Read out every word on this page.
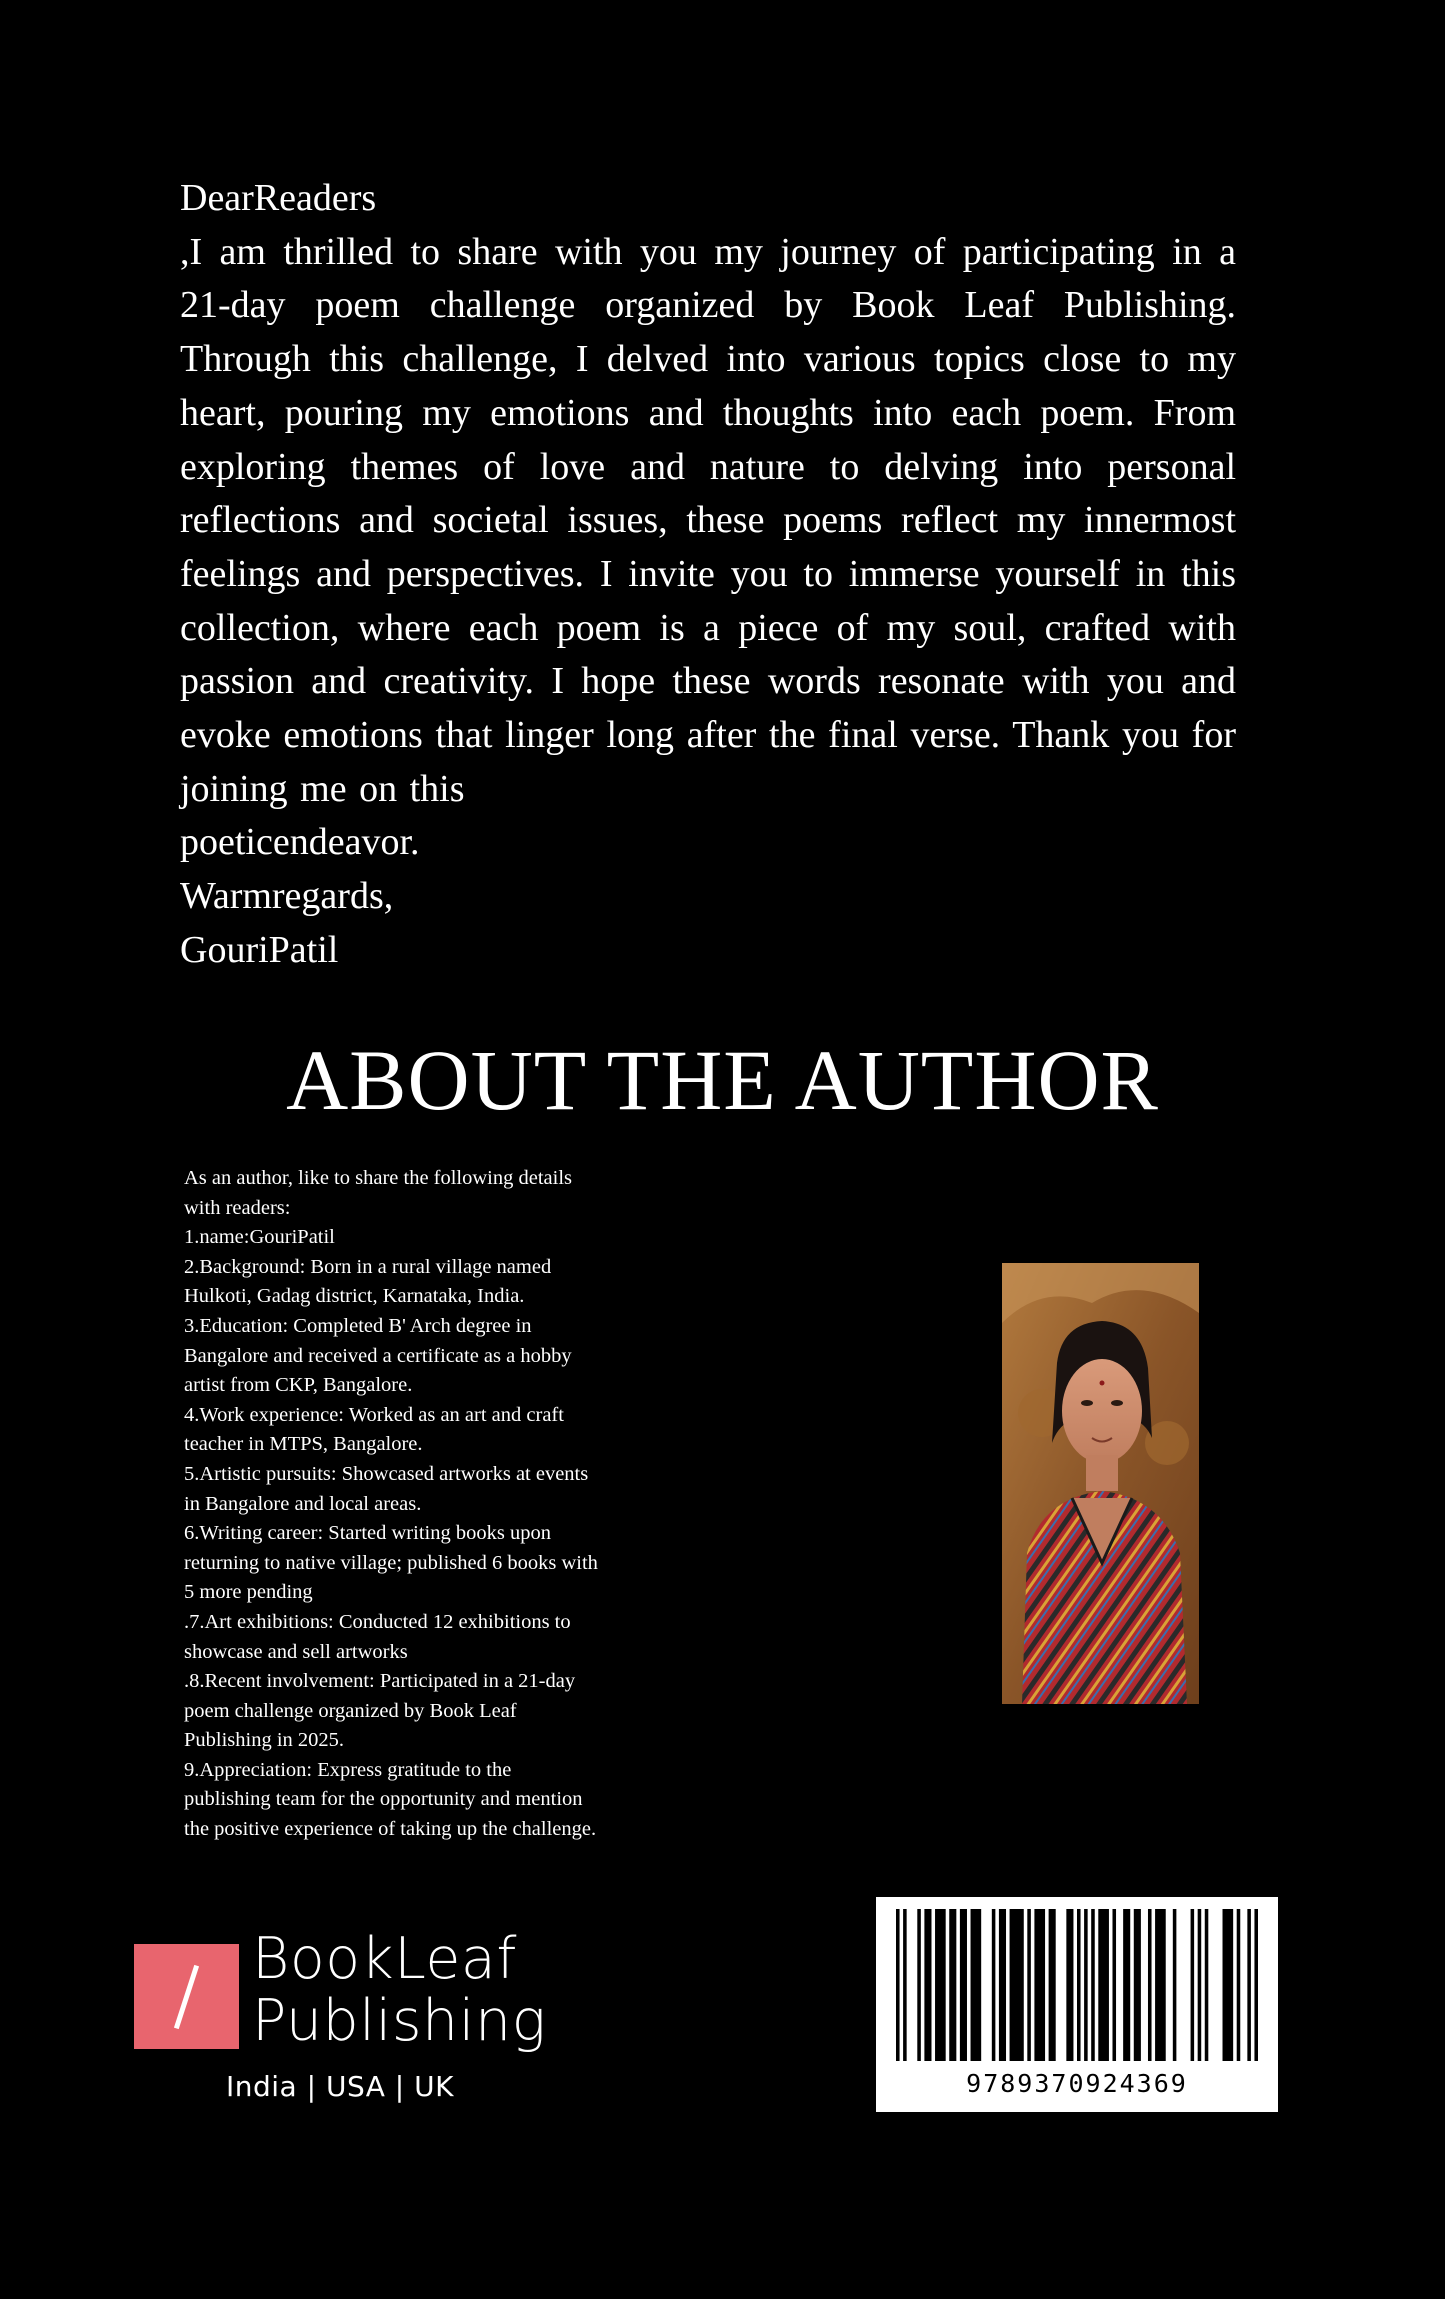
DearReaders

,I am thrilled to share with you my journey of participating in a 21-day poem challenge organized by Book Leaf Publishing. Through this challenge, I delved into various topics close to my heart, pouring my emotions and thoughts into each poem. From exploring themes of love and nature to delving into personal reflections and societal issues, these poems reflect my innermost feelings and perspectives. I invite you to immerse yourself in this collection, where each poem is a piece of my soul, crafted with passion and creativity. I hope these words resonate with you and evoke emotions that linger long after the final verse. Thank you for joining me on this

poeticendeavor.

Warmregards,

GouriPatil

ABOUT THE AUTHOR

As an author, like to share the following details

with readers:

1.name:GouriPatil

2.Background: Born in a rural village named

Hulkoti, Gadag district, Karnataka, India.

3.Education: Completed B' Arch degree in

Bangalore and received a certificate as a hobby

artist from CKP, Bangalore.

4.Work experience: Worked as an art and craft

teacher in MTPS, Bangalore.

5.Artistic pursuits: Showcased artworks at events

in Bangalore and local areas.

6.Writing career: Started writing books upon

returning to native village; published 6 books with

5 more pending

.7.Art exhibitions: Conducted 12 exhibitions to

showcase and sell artworks

.8.Recent involvement: Participated in a 21-day

poem challenge organized by Book Leaf

Publishing in 2025.

9.Appreciation: Express gratitude to the

publishing team for the opportunity and mention

the positive experience of taking up the challenge.

BookLeaf
Publishing
India | USA | UK	9789370924369
